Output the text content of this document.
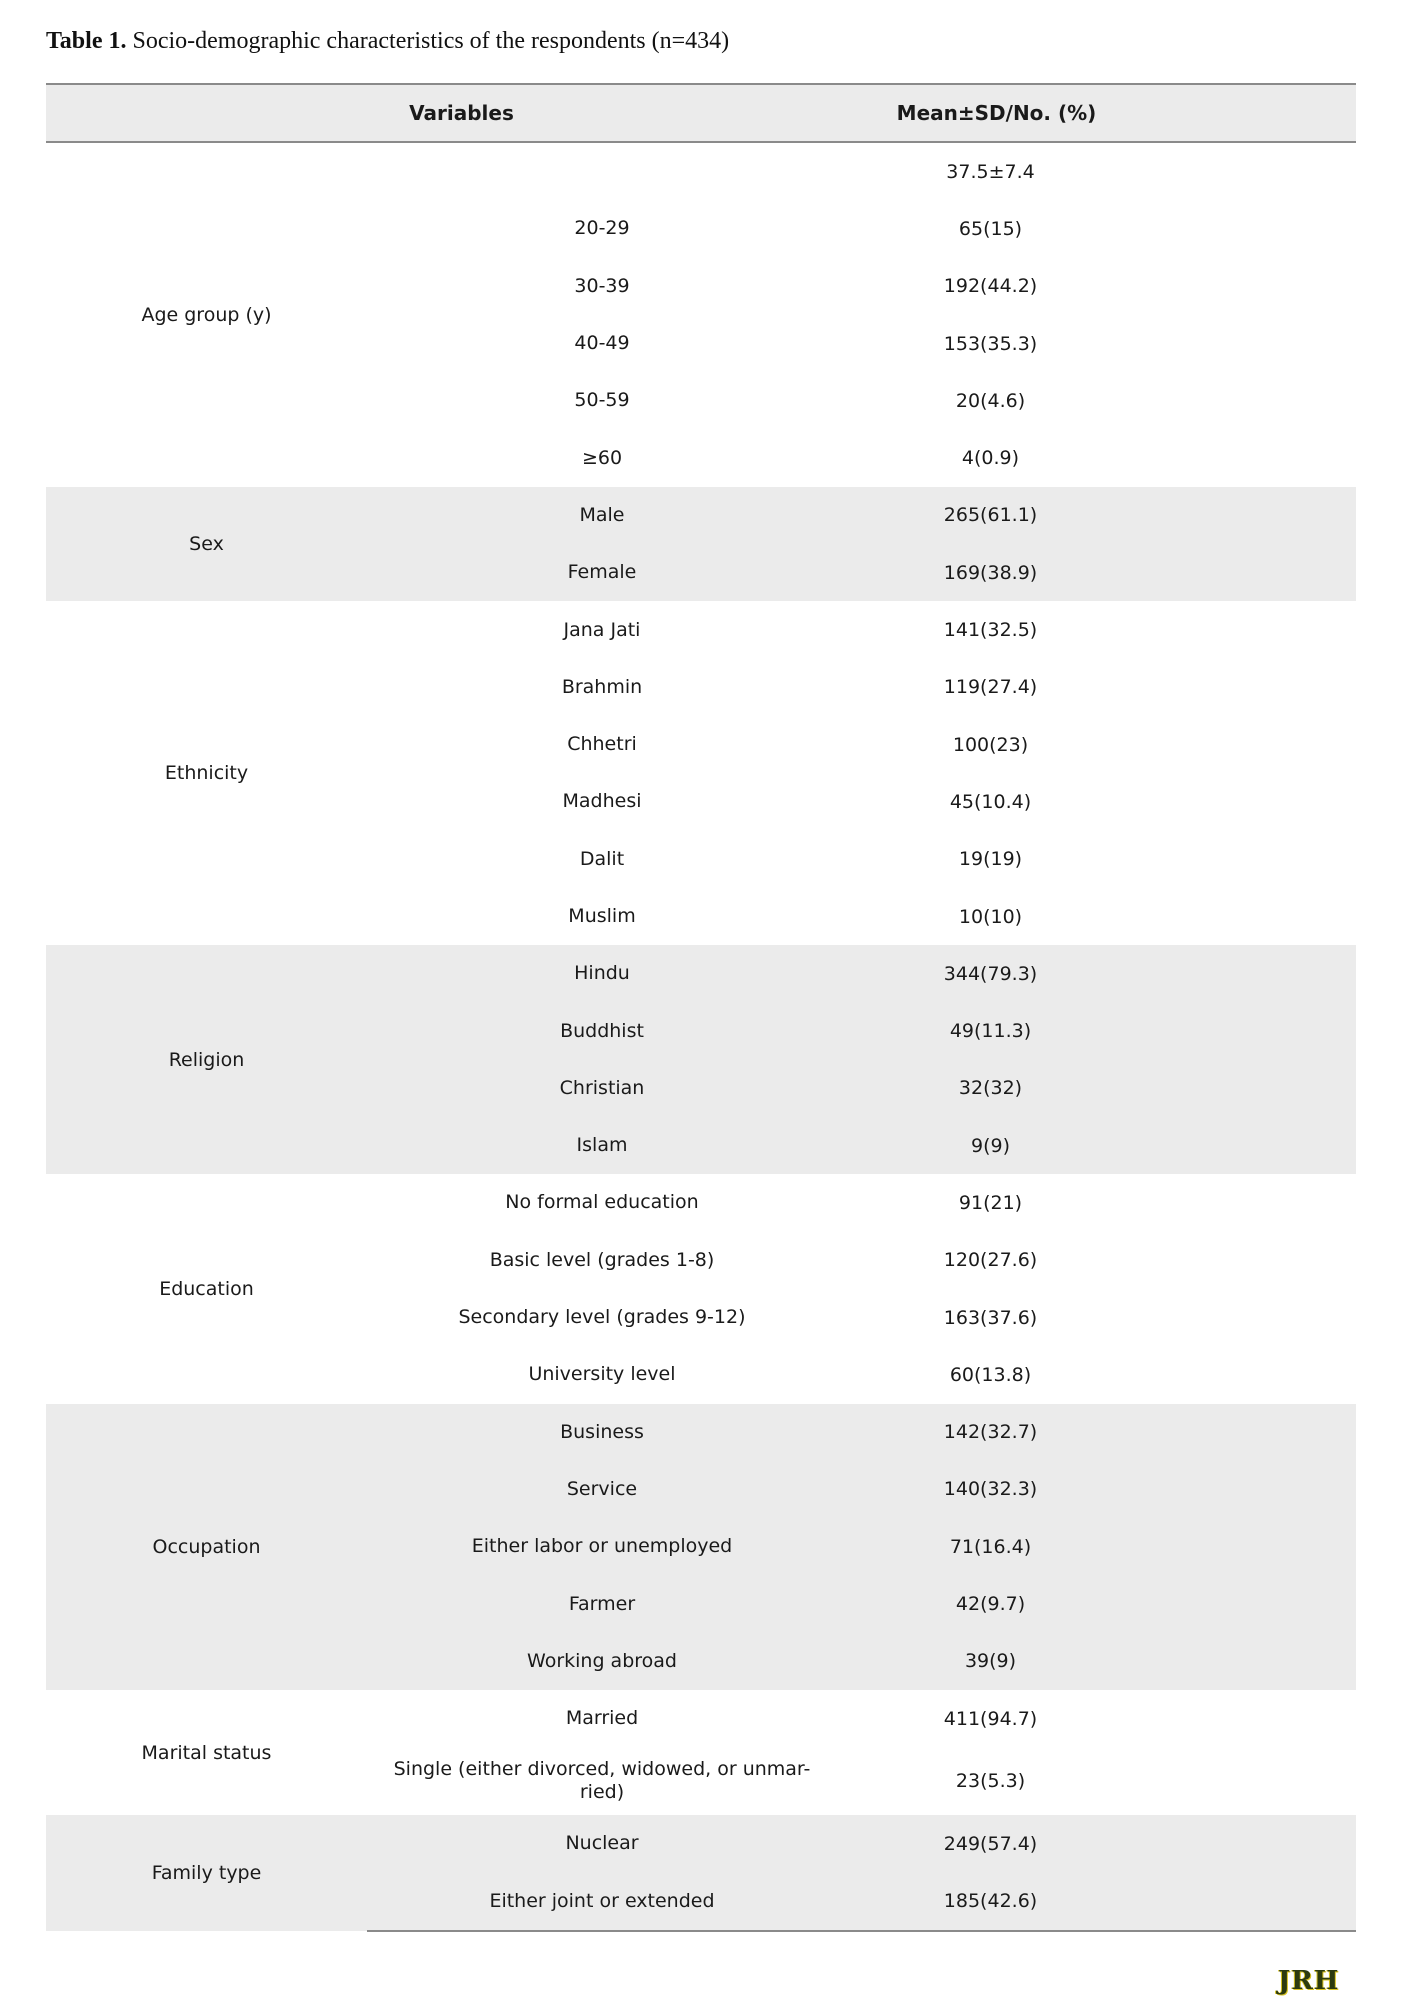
Table 1. Socio-demographic characteristics of the respondents (n=434)
Variables		Mean±SD/No. (%)
Age group (y)		37.5±7.4
	20-29	65(15)
	30-39	192(44.2)
	40-49	153(35.3)
	50-59	20(4.6)
	≥60	4(0.9)
Sex	Male	265(61.1)
	Female	169(38.9)
Ethnicity	Jana Jati	141(32.5)
	Brahmin	119(27.4)
	Chhetri	100(23)
	Madhesi	45(10.4)
	Dalit	19(19)
	Muslim	10(10)
Religion	Hindu	344(79.3)
	Buddhist	49(11.3)
	Christian	32(32)
	Islam	9(9)
Education	No formal education	91(21)
	Basic level (grades 1-8)	120(27.6)
	Secondary level (grades 9-12)	163(37.6)
	University level	60(13.8)
Occupation	Business	142(32.7)
	Service	140(32.3)
	Either labor or unemployed	71(16.4)
	Farmer	42(9.7)
	Working abroad	39(9)
Marital status	Married	411(94.7)
	Single (either divorced, widowed, or unmar-ried)	23(5.3)
Family type	Nuclear	249(57.4)
	Either joint or extended	185(42.6)
JRH
